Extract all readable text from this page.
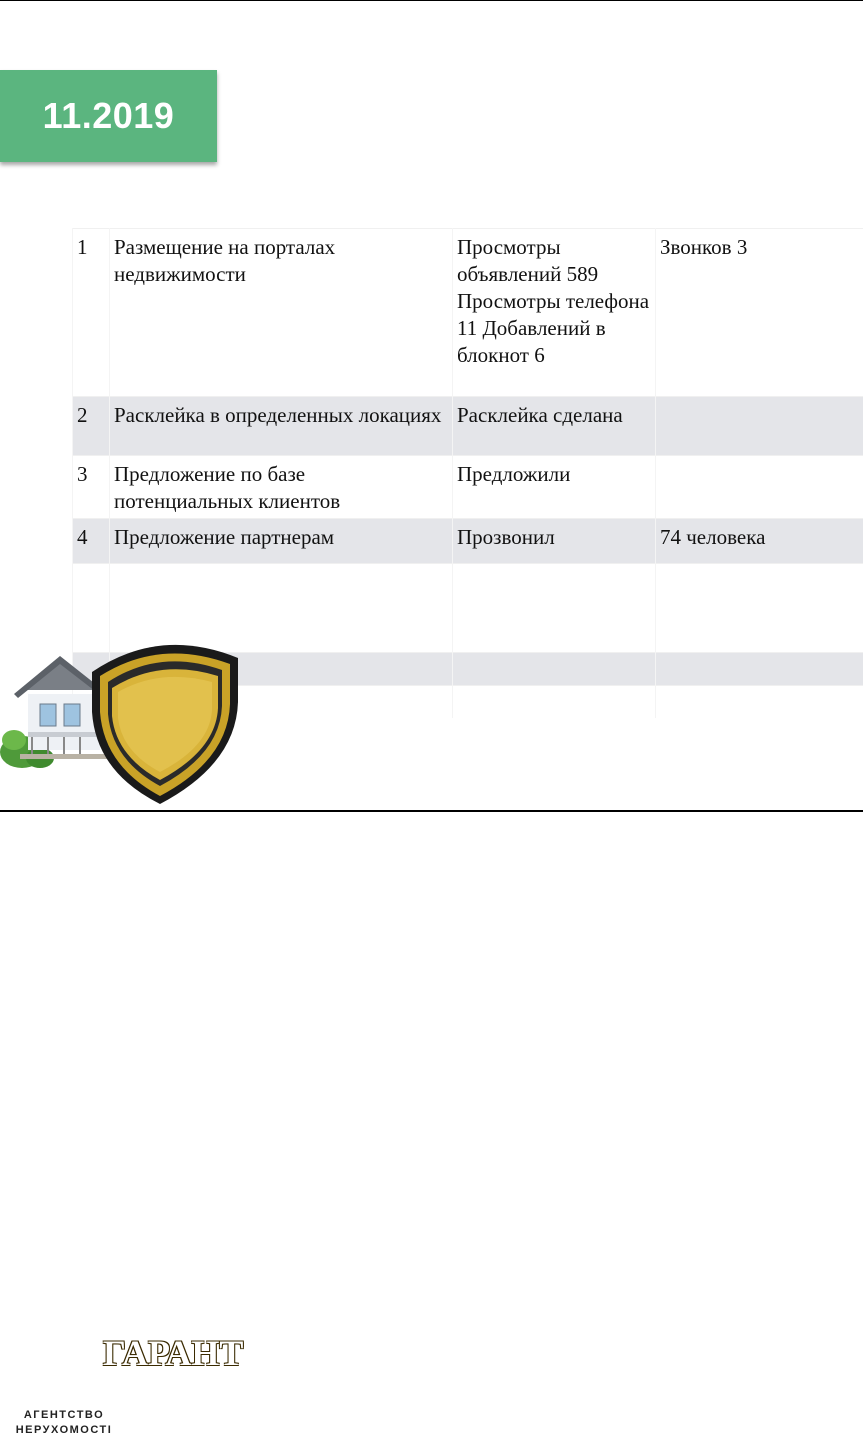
11.2019
1	Размещение на порталах недвижимости	Просмотры объявлений 589 Просмотры телефона 11 Добавлений в блокнот 6	Звонков 3
2	Расклейка в определенных локациях	Расклейка сделана	
3	Предложение по базе потенциальных клиентов	Предложили	
4	Предложение партнерам	Прозвонил	74 человека

ГАРАНТ
АГЕНТСТВО
НЕРУХОМОСТІ
